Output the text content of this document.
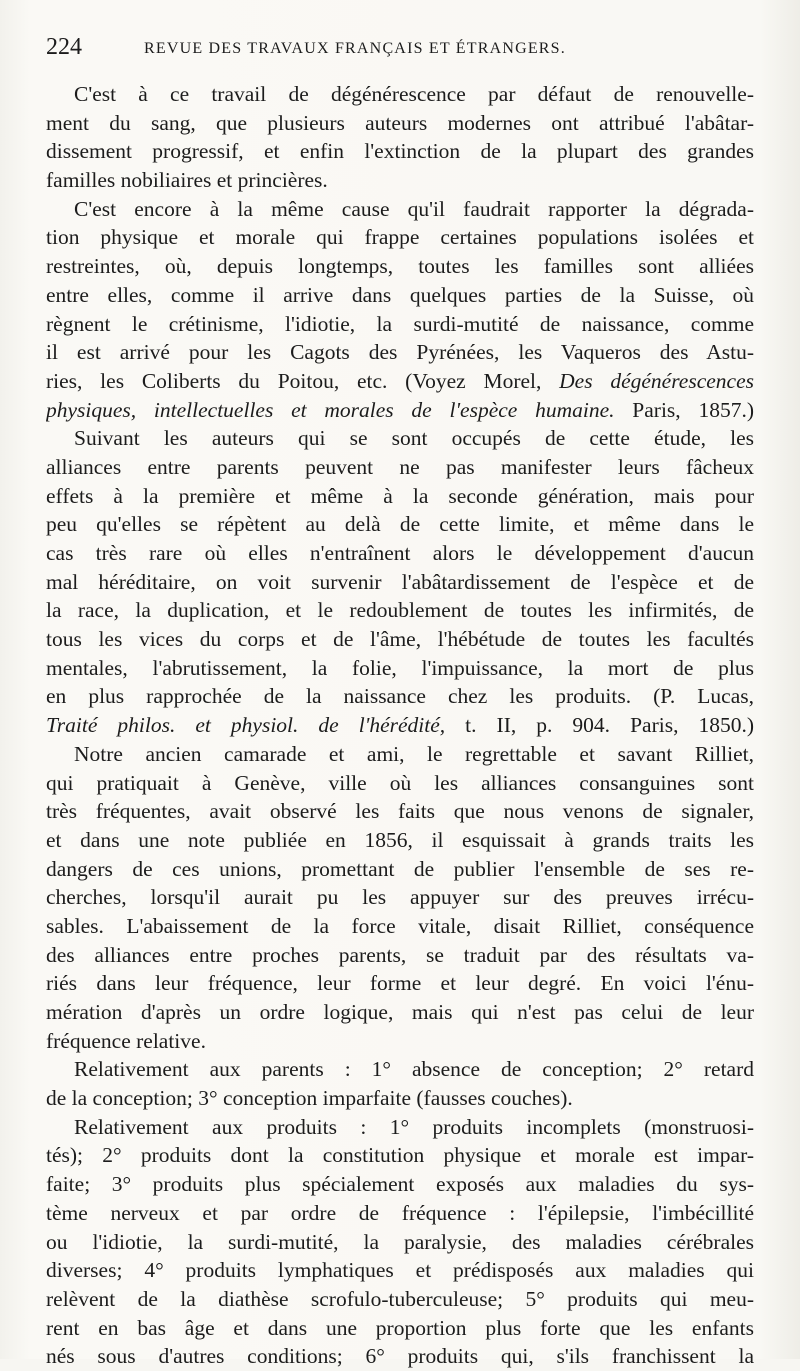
224	REVUE DES TRAVAUX FRANÇAIS ET ÉTRANGERS.
C'est à ce travail de dégénérescence par défaut de renouvelle-
ment du sang, que plusieurs auteurs modernes ont attribué l'abâtar-
dissement progressif, et enfin l'extinction de la plupart des grandes
familles nobiliaires et princières.
C'est encore à la même cause qu'il faudrait rapporter la dégrada-
tion physique et morale qui frappe certaines populations isolées et
restreintes, où, depuis longtemps, toutes les familles sont alliées
entre elles, comme il arrive dans quelques parties de la Suisse, où
règnent le crétinisme, l'idiotie, la surdi-mutité de naissance, comme
il est arrivé pour les Cagots des Pyrénées, les Vaqueros des Astu-
ries, les Coliberts du Poitou, etc. (Voyez Morel, Des dégénérescences
physiques, intellectuelles et morales de l'espèce humaine. Paris, 1857.)
Suivant les auteurs qui se sont occupés de cette étude, les
alliances entre parents peuvent ne pas manifester leurs fâcheux
effets à la première et même à la seconde génération, mais pour
peu qu'elles se répètent au delà de cette limite, et même dans le
cas très rare où elles n'entraînent alors le développement d'aucun
mal héréditaire, on voit survenir l'abâtardissement de l'espèce et de
la race, la duplication, et le redoublement de toutes les infirmités, de
tous les vices du corps et de l'âme, l'hébétude de toutes les facultés
mentales, l'abrutissement, la folie, l'impuissance, la mort de plus
en plus rapprochée de la naissance chez les produits. (P. Lucas,
Traité philos. et physiol. de l'hérédité, t. II, p. 904. Paris, 1850.)
Notre ancien camarade et ami, le regrettable et savant Rilliet,
qui pratiquait à Genève, ville où les alliances consanguines sont
très fréquentes, avait observé les faits que nous venons de signaler,
et dans une note publiée en 1856, il esquissait à grands traits les
dangers de ces unions, promettant de publier l'ensemble de ses re-
cherches, lorsqu'il aurait pu les appuyer sur des preuves irrécu-
sables. L'abaissement de la force vitale, disait Rilliet, conséquence
des alliances entre proches parents, se traduit par des résultats va-
riés dans leur fréquence, leur forme et leur degré. En voici l'énu-
mération d'après un ordre logique, mais qui n'est pas celui de leur
fréquence relative.
Relativement aux parents : 1° absence de conception; 2° retard
de la conception; 3° conception imparfaite (fausses couches).
Relativement aux produits : 1° produits incomplets (monstruosi-
tés); 2° produits dont la constitution physique et morale est impar-
faite; 3° produits plus spécialement exposés aux maladies du sys-
tème nerveux et par ordre de fréquence : l'épilepsie, l'imbécillité
ou l'idiotie, la surdi-mutité, la paralysie, des maladies cérébrales
diverses; 4° produits lymphatiques et prédisposés aux maladies qui
relèvent de la diathèse scrofulo-tuberculeuse; 5° produits qui meu-
rent en bas âge et dans une proportion plus forte que les enfants
nés sous d'autres conditions; 6° produits qui, s'ils franchissent la
